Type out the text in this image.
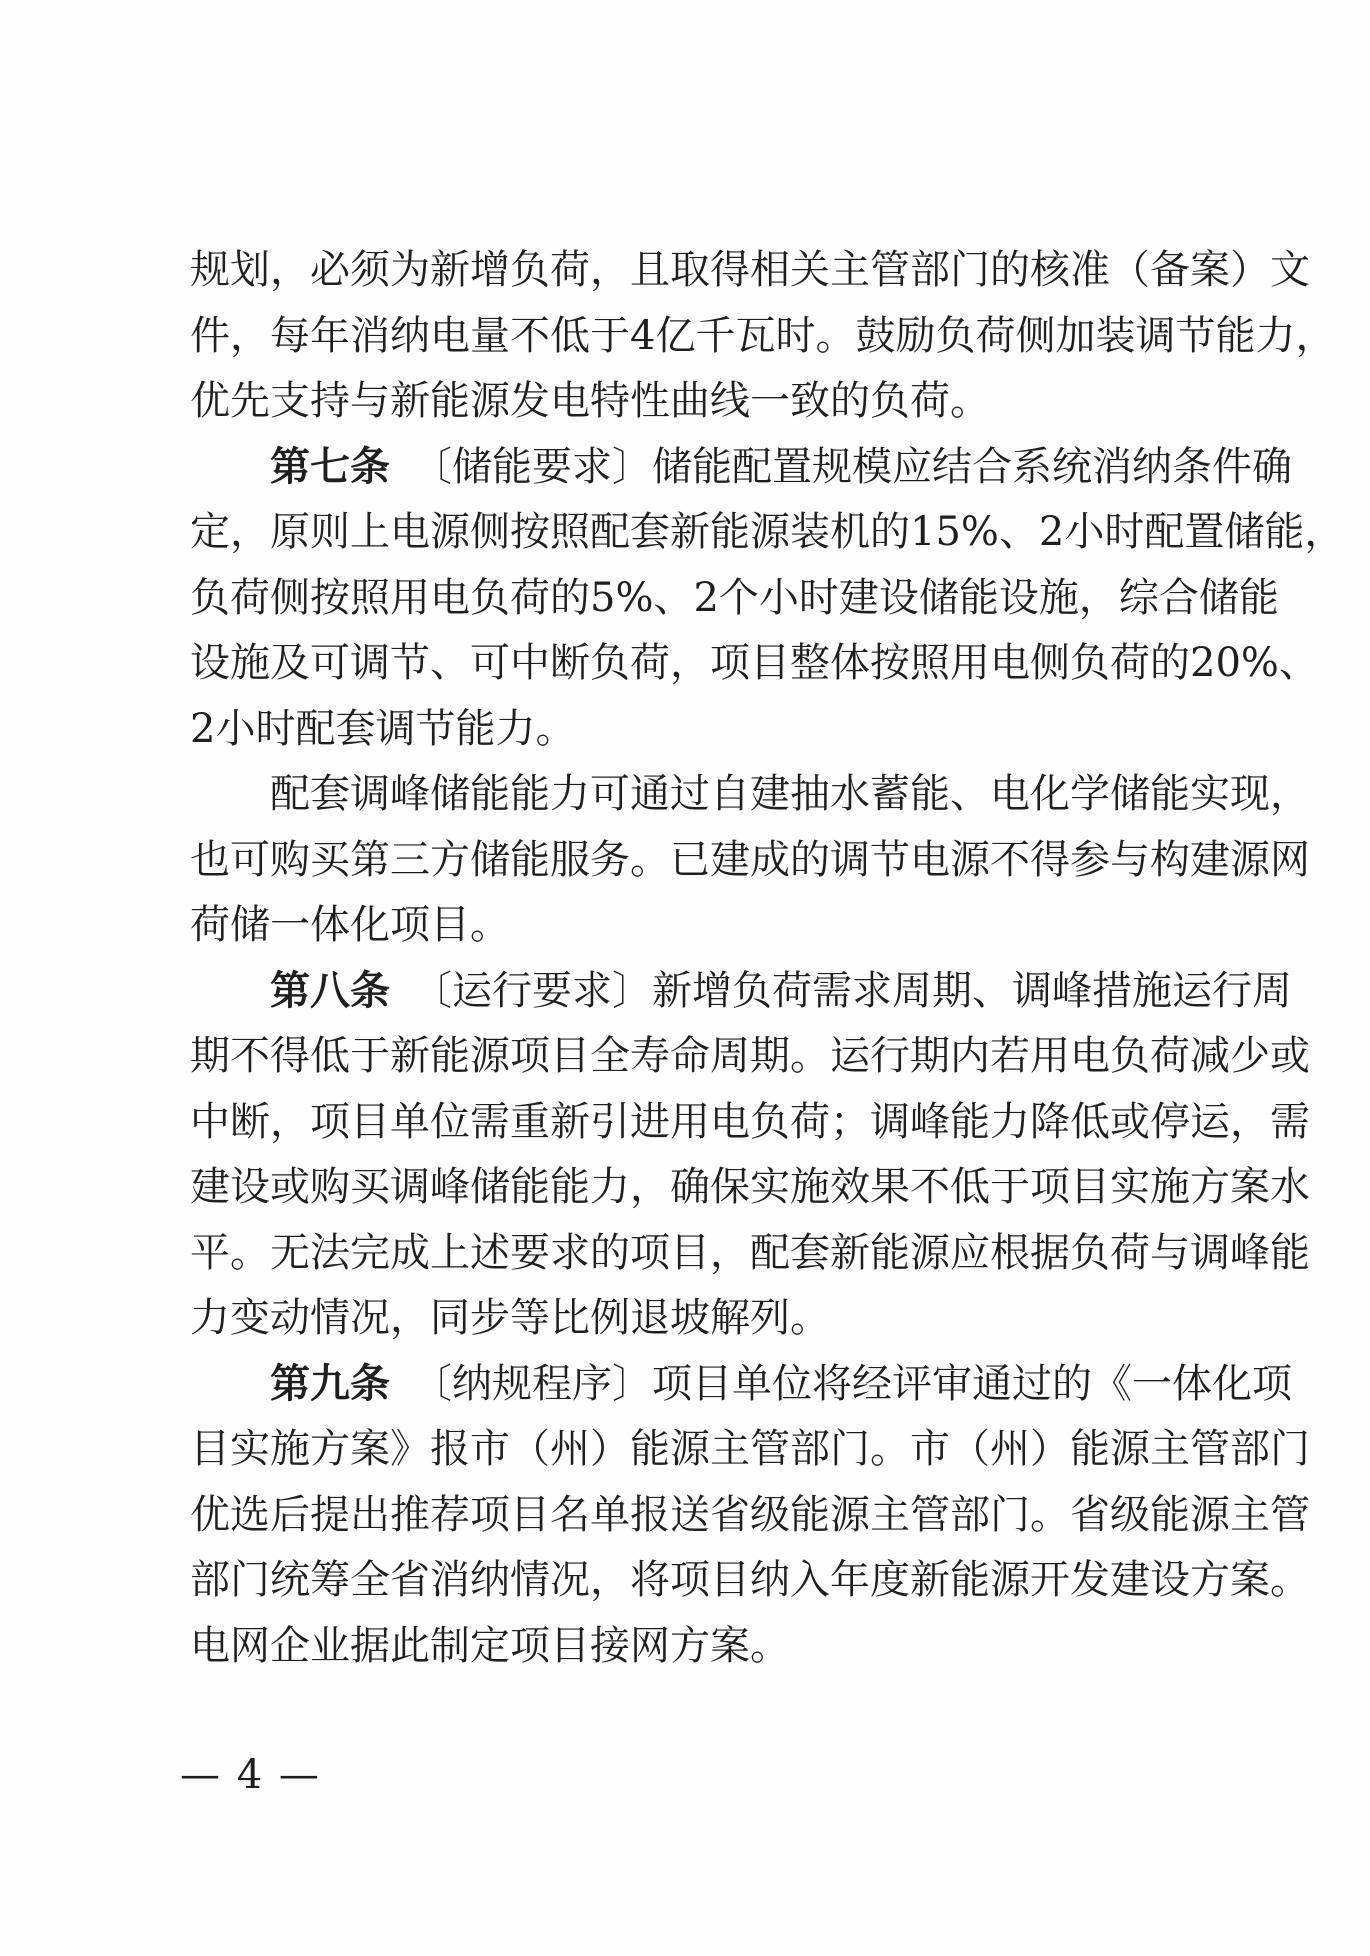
规划，必须为新增负荷，且取得相关主管部门的核准（备案）文
件，每年消纳电量不低于4亿千瓦时。鼓励负荷侧加装调节能力，
优先支持与新能源发电特性曲线一致的负荷。
第七条 〔储能要求〕储能配置规模应结合系统消纳条件确
定，原则上电源侧按照配套新能源装机的15%、2小时配置储能，
负荷侧按照用电负荷的5%、2个小时建设储能设施，综合储能
设施及可调节、可中断负荷，项目整体按照用电侧负荷的20%、
2小时配套调节能力。
配套调峰储能能力可通过自建抽水蓄能、电化学储能实现，
也可购买第三方储能服务。已建成的调节电源不得参与构建源网
荷储一体化项目。
第八条 〔运行要求〕新增负荷需求周期、调峰措施运行周
期不得低于新能源项目全寿命周期。运行期内若用电负荷减少或
中断，项目单位需重新引进用电负荷；调峰能力降低或停运，需
建设或购买调峰储能能力，确保实施效果不低于项目实施方案水
平。无法完成上述要求的项目，配套新能源应根据负荷与调峰能
力变动情况，同步等比例退坡解列。
第九条 〔纳规程序〕项目单位将经评审通过的《一体化项
目实施方案》报市（州）能源主管部门。市（州）能源主管部门
优选后提出推荐项目名单报送省级能源主管部门。省级能源主管
部门统筹全省消纳情况，将项目纳入年度新能源开发建设方案。
电网企业据此制定项目接网方案。
— 4 —
